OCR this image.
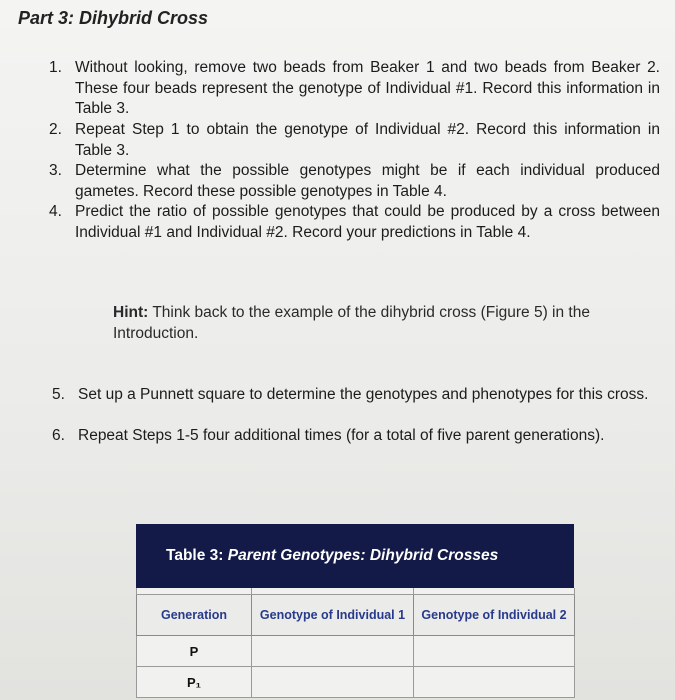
Part 3: Dihybrid Cross
1. Without looking, remove two beads from Beaker 1 and two beads from Beaker 2. These four beads represent the genotype of Individual #1. Record this information in Table 3.
2. Repeat Step 1 to obtain the genotype of Individual #2. Record this information in Table 3.
3. Determine what the possible genotypes might be if each individual produced gametes. Record these possible genotypes in Table 4.
4. Predict the ratio of possible genotypes that could be produced by a cross between Individual #1 and Individual #2. Record your predictions in Table 4.
Hint: Think back to the example of the dihybrid cross (Figure 5) in the Introduction.
5. Set up a Punnett square to determine the genotypes and phenotypes for this cross.
6. Repeat Steps 1-5 four additional times (for a total of five parent generations).
Table 3:
Parent Genotypes: Dihybrid Crosses

Generation	Genotype of Individual 1	Genotype of Individual 2
P		
P₁		
